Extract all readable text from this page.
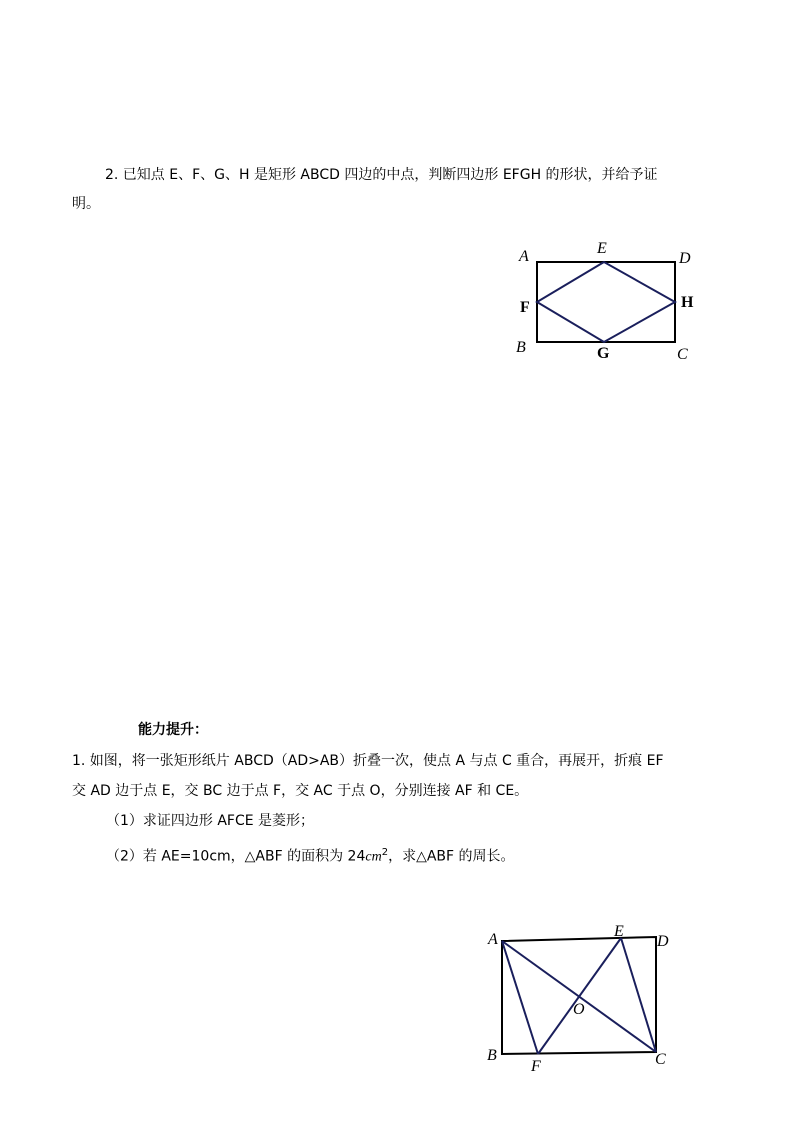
2. 已知点 E、F、G、H 是矩形 ABCD 四边的中点，判断四边形 EFGH 的形状，并给予证
明。
A	E
D
F	H
B	G	C
能力提升：
1. 如图，将一张矩形纸片 ABCD（AD>AB）折叠一次，使点 A 与点 C 重合，再展开，折痕 EF
交 AD 边于点 E，交 BC 边于点 F，交 AC 于点 O，分别连接 AF 和 CE。
（1）求证四边形 AFCE 是菱形；
（2）若 AE=10cm，△ABF 的面积为 $24cm^2$，求△ABF 的周长。
A	E
D
O
B
F	C
